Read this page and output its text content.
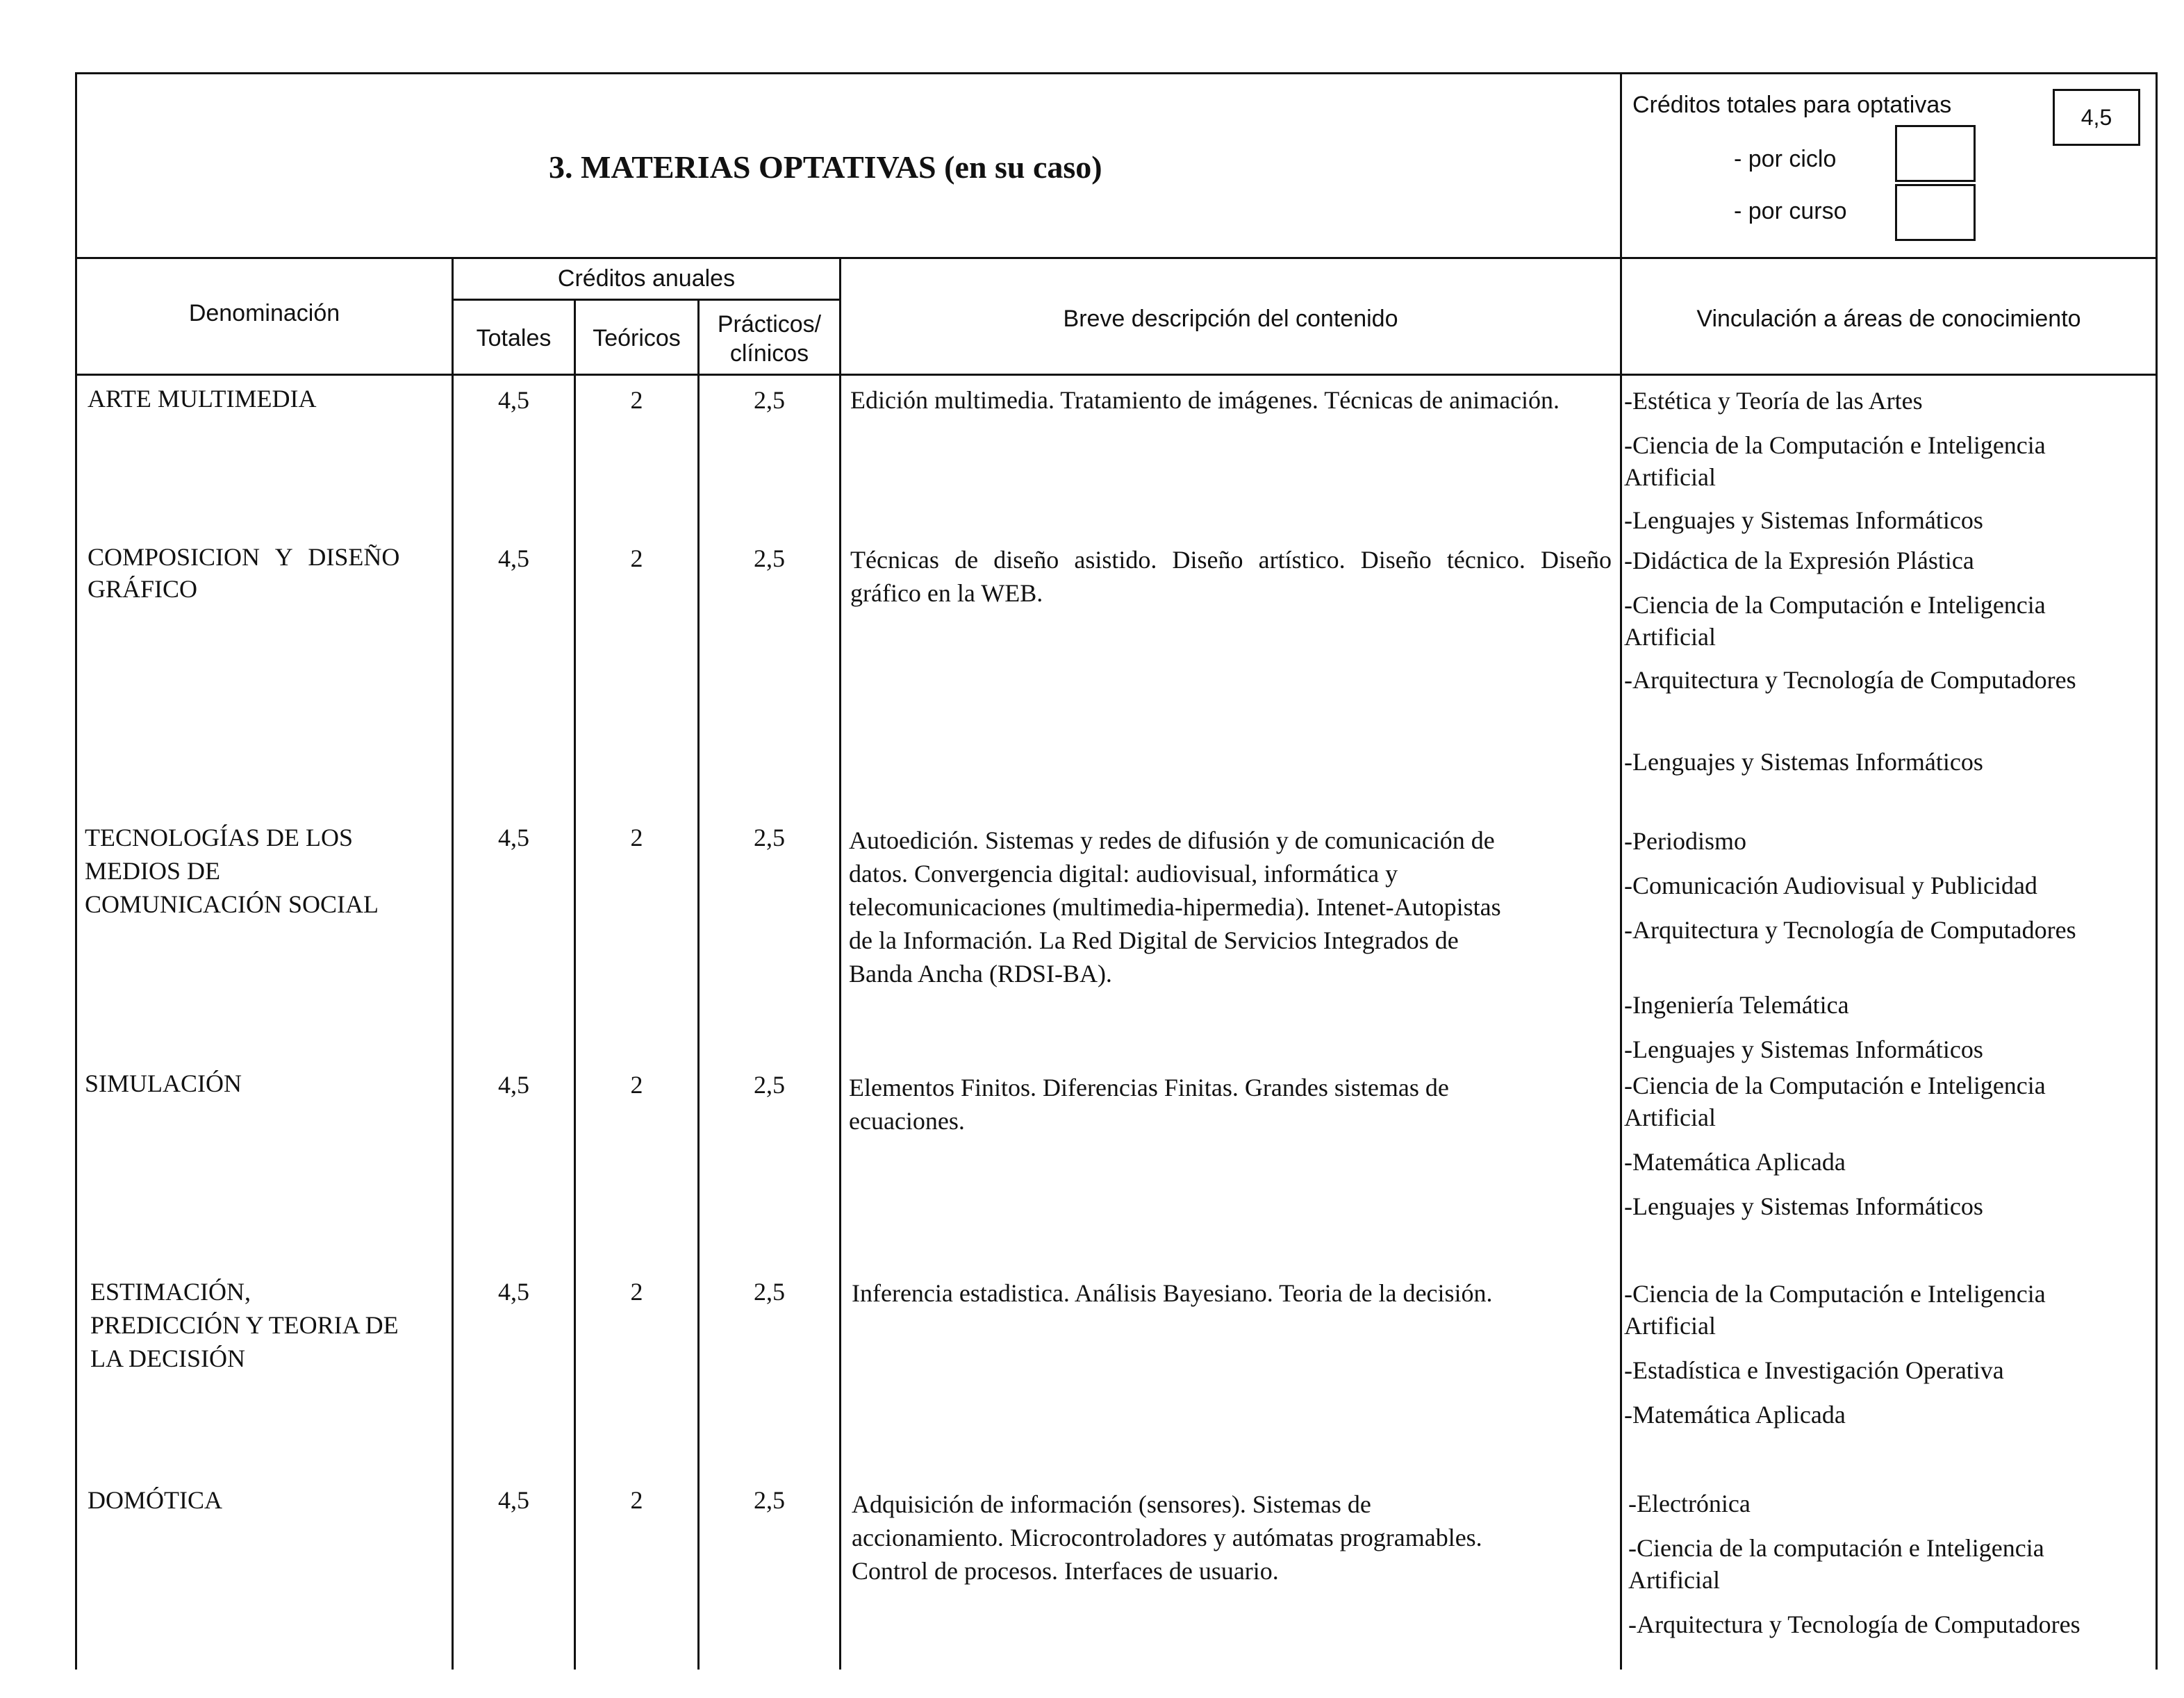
3. MATERIAS OPTATIVAS (en su caso)
Créditos totales para optativas	4,5
- por ciclo
- por curso
Denominación
Créditos anuales
Totales	Teóricos
Prácticos/
clínicos
Breve descripción del contenido	Vinculación a áreas de conocimiento
ARTE MULTIMEDIA	4,5	2	2,5	Edición multimedia. Tratamiento de imágenes. Técnicas de animación.	-Estética y Teoría de las Artes
-Ciencia de la Computación e Inteligencia Artificial
-Lenguajes y Sistemas Informáticos
COMPOSICION Y DISEÑO
GRÁFICO
4,5	2	2,5	Técnicas de diseño asistido. Diseño artístico. Diseño técnico. Diseño gráfico en la WEB.
-Didáctica de la Expresión Plástica
-Ciencia de la Computación e Inteligencia Artificial
-Arquitectura y Tecnología de Computadores
-Lenguajes y Sistemas Informáticos
TECNOLOGÍAS DE LOS
MEDIOS DE
COMUNICACIÓN SOCIAL
4,5	2	2,5	Autoedición. Sistemas y redes de difusión y de comunicación de
datos. Convergencia digital: audiovisual, informática y
telecomunicaciones (multimedia-hipermedia). Intenet-Autopistas
de la Información. La Red Digital de Servicios Integrados de
Banda Ancha (RDSI-BA).
-Periodismo
-Comunicación Audiovisual y Publicidad
-Arquitectura y Tecnología de Computadores
-Ingeniería Telemática
-Lenguajes y Sistemas Informáticos
SIMULACIÓN	4,5	2	2,5	Elementos Finitos. Diferencias Finitas. Grandes sistemas de
ecuaciones.
-Ciencia de la Computación e Inteligencia Artificial
-Matemática Aplicada
-Lenguajes y Sistemas Informáticos
ESTIMACIÓN,
PREDICCIÓN Y TEORIA DE
LA DECISIÓN
4,5	2	2,5	Inferencia estadistica. Análisis Bayesiano. Teoria de la decisión.	-Ciencia de la Computación e Inteligencia Artificial
-Estadística e Investigación Operativa
-Matemática Aplicada
DOMÓTICA	4,5	2	2,5	Adquisición de información (sensores). Sistemas de
accionamiento. Microcontroladores y autómatas programables.
Control de procesos. Interfaces de usuario.
-Electrónica
-Ciencia de la computación e Inteligencia Artificial
-Arquitectura y Tecnología de Computadores
